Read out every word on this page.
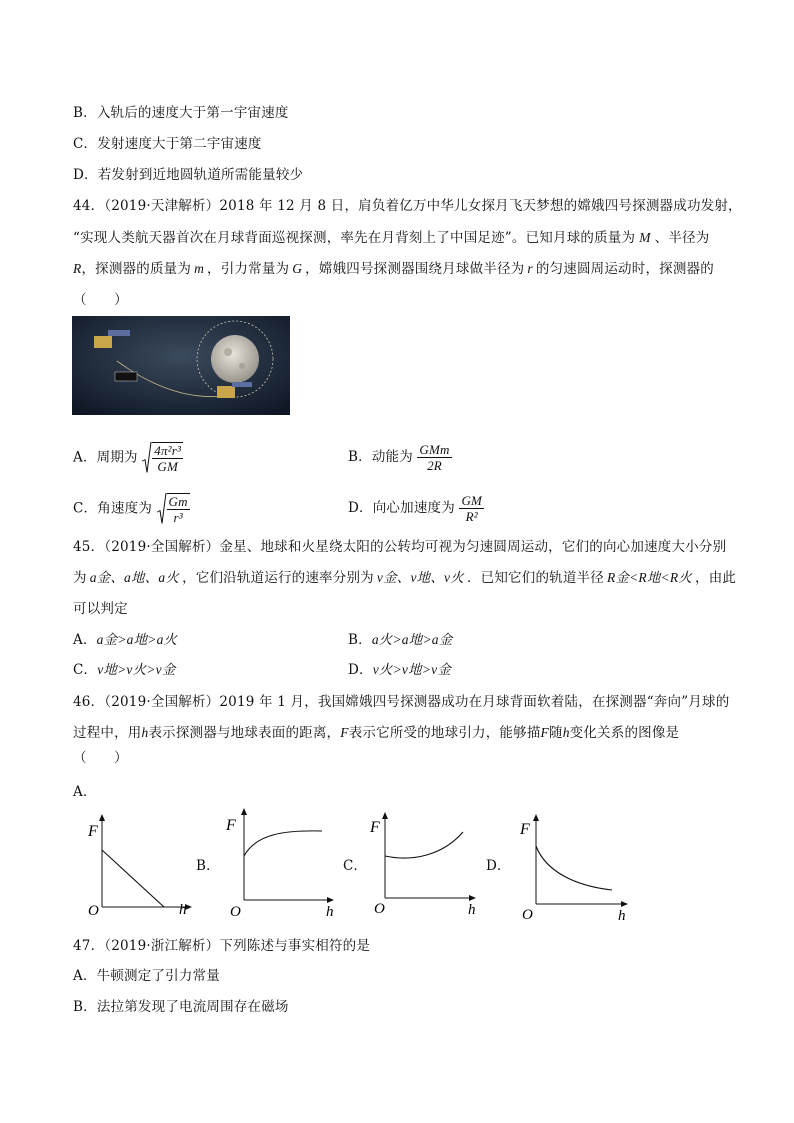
B．入轨后的速度大于第一宇宙速度
C．发射速度大于第二宇宙速度
D．若发射到近地圆轨道所需能量较少
44．（2019·天津解析）2018 年 12 月 8 日，肩负着亿万中华儿女探月飞天梦想的嫦娥四号探测器成功发射，
“实现人类航天器首次在月球背面巡视探测，率先在月背刻上了中国足迹”。已知月球的质量为 M 、半径为
R，探测器的质量为 m ，引力常量为 G ，嫦娥四号探测器围绕月球做半径为 r 的匀速圆周运动时，探测器的
（　　）
A．周期为 $\frac{\text{4π²r³}}{GM}$	B．动能为 $\frac{\text{GMm}}{2R}$
C．角速度为 $\frac{Gm}{\text{r³}}$	D．向心加速度为 $\frac{GM}{\text{R²}}$
45．（2019·全国解析）金星、地球和火星绕太阳的公转均可视为匀速圆周运动，它们的向心加速度大小分别
为 a金、a地、a火 ，它们沿轨道运行的速率分别为 v金、v地、v火 ．已知它们的轨道半径 R金<R地<R火 ，由此
可以判定
A．a金>a地>a火	B．a火>a地>a金
C．v地>v火>v金	D．v火>v地>v金
46．（2019·全国解析）2019 年 1 月，我国嫦娥四号探测器成功在月球背面软着陆，在探测器“奔向”月球的
过程中，用h表示探测器与地球表面的距离，F表示它所受的地球引力，能够描F随h变化关系的图像是
（　　）
A．
F
O	h
B．
F
O	h
C．
F
O	h
D．
F
O	h
47．（2019·浙江解析）下列陈述与事实相符的是
A．牛顿测定了引力常量
B．法拉第发现了电流周围存在磁场
